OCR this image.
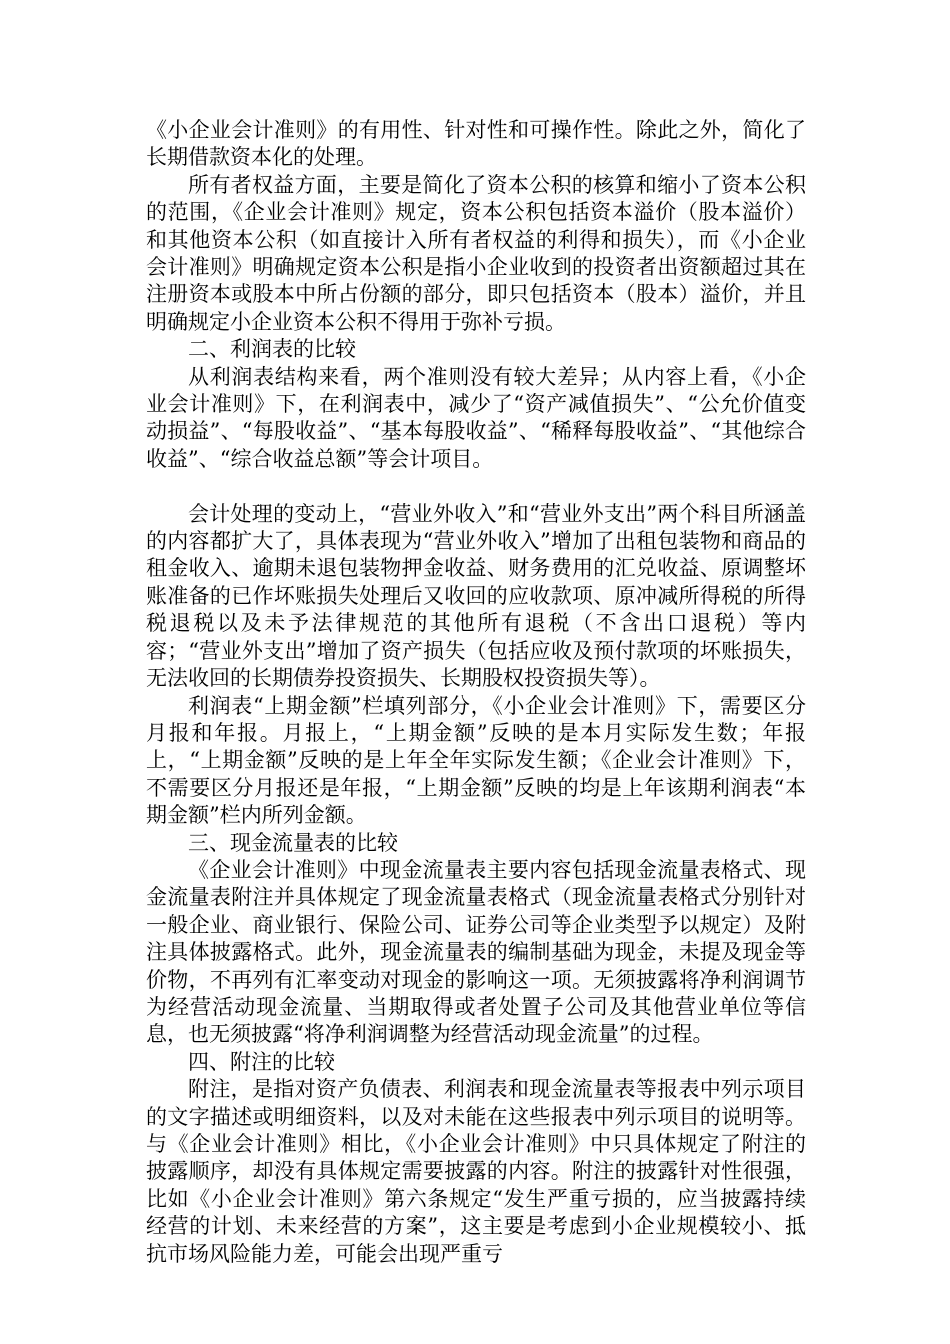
《小企业会计准则》的有用性、针对性和可操作性。除此之外，简化了长期借款资本化的处理。

所有者权益方面，主要是简化了资本公积的核算和缩小了资本公积的范围，《企业会计准则》规定，资本公积包括资本溢价（股本溢价）和其他资本公积（如直接计入所有者权益的利得和损失），而《小企业会计准则》明确规定资本公积是指小企业收到的投资者出资额超过其在注册资本或股本中所占份额的部分，即只包括资本（股本）溢价，并且明确规定小企业资本公积不得用于弥补亏损。

二、利润表的比较

从利润表结构来看，两个准则没有较大差异；从内容上看，《小企业会计准则》下，在利润表中，减少了“资产减值损失”、“公允价值变动损益”、“每股收益”、“基本每股收益”、“稀释每股收益”、“其他综合收益”、“综合收益总额”等会计项目。

会计处理的变动上，“营业外收入”和“营业外支出”两个科目所涵盖的内容都扩大了，具体表现为“营业外收入”增加了出租包装物和商品的租金收入、逾期未退包装物押金收益、财务费用的汇兑收益、原调整坏账准备的已作坏账损失处理后又收回的应收款项、原冲减所得税的所得税退税以及未予法律规范的其他所有退税（不含出口退税）等内容；“营业外支出”增加了资产损失（包括应收及预付款项的坏账损失，无法收回的长期债券投资损失、长期股权投资损失等）。

利润表“上期金额”栏填列部分，《小企业会计准则》下，需要区分月报和年报。月报上，“上期金额”反映的是本月实际发生数；年报上，“上期金额”反映的是上年全年实际发生额；《企业会计准则》下，不需要区分月报还是年报，“上期金额”反映的均是上年该期利润表“本期金额”栏内所列金额。

三、现金流量表的比较

《企业会计准则》中现金流量表主要内容包括现金流量表格式、现金流量表附注并具体规定了现金流量表格式（现金流量表格式分别针对一般企业、商业银行、保险公司、证券公司等企业类型予以规定）及附注具体披露格式。此外，现金流量表的编制基础为现金，未提及现金等价物，不再列有汇率变动对现金的影响这一项。无须披露将净利润调节为经营活动现金流量、当期取得或者处置子公司及其他营业单位等信息，也无须披露“将净利润调整为经营活动现金流量”的过程。

四、附注的比较

附注，是指对资产负债表、利润表和现金流量表等报表中列示项目的文字描述或明细资料，以及对未能在这些报表中列示项目的说明等。与《企业会计准则》相比，《小企业会计准则》中只具体规定了附注的披露顺序，却没有具体规定需要披露的内容。附注的披露针对性很强，比如《小企业会计准则》第六条规定“发生严重亏损的，应当披露持续经营的计划、未来经营的方案”，这主要是考虑到小企业规模较小、抵抗市场风险能力差，可能会出现严重亏
